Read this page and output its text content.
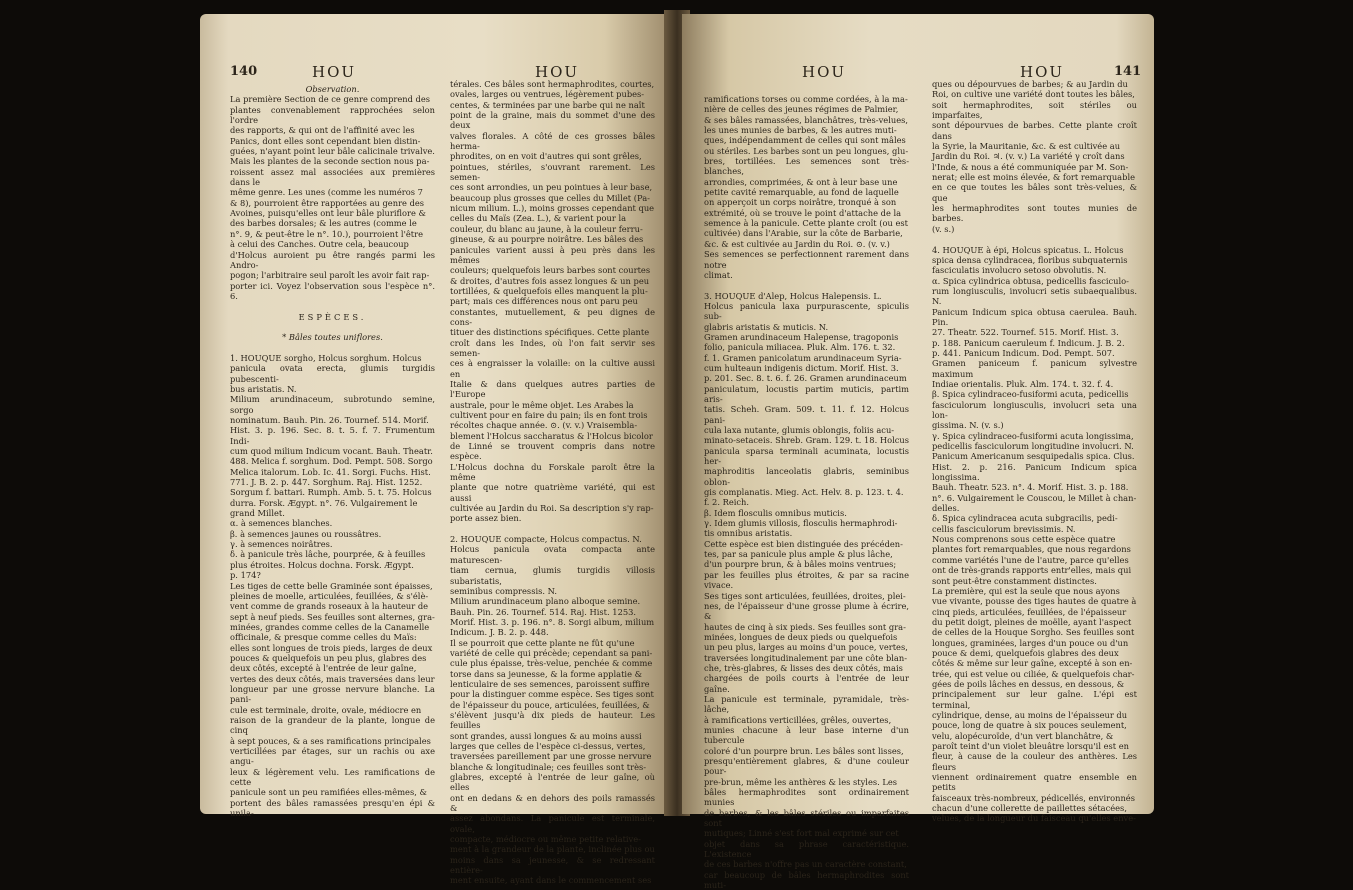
140	HOU	HOU
Observation.
La première Section de ce genre comprend des
plantes convenablement rapprochées selon l'ordre
des rapports, & qui ont de l'affinité avec les
Panics, dont elles sont cependant bien distin-
guées, n'ayant point leur bâle calicinale trivalve.
Mais les plantes de la seconde section nous pa-
roissent assez mal associées aux premières dans le
même genre. Les unes (comme les numéros 7
& 8), pourroient être rapportées au genre des
Avoines, puisqu'elles ont leur bâle pluriflore &
des barbes dorsales; & les autres (comme le
n°. 9, & peut-être le n°. 10.), pourroient l'être
à celui des Canches. Outre cela, beaucoup
d'Holcus auroient pu être rangés parmi les Andro-
pogon; l'arbitraire seul paroît les avoir fait rap-
porter ici. Voyez l'observation sous l'espèce n°. 6.

ESPÈCES.

* Bâles toutes uniflores.

1. HOUQUE sorgho, Holcus sorghum. Holcus
panicula ovata erecta, glumis turgidis pubescenti-
bus aristatis. N.
Milium arundinaceum, subrotundo semine, sorgo
nominatum. Bauh. Pin. 26. Tournef. 514. Morif.
Hist. 3. p. 196. Sec. 8. t. 5. f. 7. Frumentum Indi-
cum quod milium Indicum vocant. Bauh. Theatr.
488. Melica f. sorghum. Dod. Pempt. 508. Sorgo
Melica italorum. Lob. Ic. 41. Sorgi. Fuchs. Hist.
771. J. B. 2. p. 447. Sorghum. Raj. Hist. 1252.
Sorgum f. battari. Rumph. Amb. 5. t. 75. Holcus
durra. Forsk. Ægypt. n°. 76. Vulgairement le
grand Millet.
α. à semences blanches.
β. à semences jaunes ou roussâtres.
γ. à semences noirâtres.
δ. à panicule très lâche, pourprée, & à feuilles
plus étroites. Holcus dochna. Forsk. Ægypt.
p. 174?
Les tiges de cette belle Graminée sont épaisses,
pleines de moelle, articulées, feuillées, & s'élè-
vent comme de grands roseaux à la hauteur de
sept à neuf pieds. Ses feuilles sont alternes, gra-
minées, grandes comme celles de la Canamelle
officinale, & presque comme celles du Maïs:
elles sont longues de trois pieds, larges de deux
pouces & quelquefois un peu plus, glabres des
deux côtés, excepté à l'entrée de leur gaîne,
vertes des deux côtés, mais traversées dans leur
longueur par une grosse nervure blanche. La pani-
cule est terminale, droite, ovale, médiocre en
raison de la grandeur de la plante, longue de cinq
à sept pouces, & a ses ramifications principales
verticillées par étages, sur un rachis ou axe angu-
leux & légèrement velu. Les ramifications de cette
panicule sont un peu ramifiées elles-mêmes, &
portent des bâles ramassées presqu'en épi & unila-
térales. Ces bâles sont hermaphrodites, courtes,
ovales, larges ou ventrues, légèrement pubes-
centes, & terminées par une barbe qui ne naît
point de la graine, mais du sommet d'une des deux
valves florales. A côté de ces grosses bâles herma-
phrodites, on en voit d'autres qui sont grêles,
pointues, stériles, s'ouvrant rarement. Les semen-
ces sont arrondies, un peu pointues à leur base,
beaucoup plus grosses que celles du Millet (Pa-
nicum milium. L.), moins grosses cependant que
celles du Maïs (Zea. L.), & varient pour la
couleur, du blanc au jaune, à la couleur ferru-
gineuse, & au pourpre noirâtre. Les bâles des
panicules varient aussi à peu près dans les mêmes
couleurs; quelquefois leurs barbes sont courtes
& droites, d'autres fois assez longues & un peu
tortillées, & quelquefois elles manquent la plu-
part; mais ces différences nous ont paru peu
constantes, mutuellement, & peu dignes de cons-
tituer des distinctions spécifiques. Cette plante
croît dans les Indes, où l'on fait servir ses semen-
ces à engraisser la volaille: on la cultive aussi en
Italie & dans quelques autres parties de l'Europe
australe, pour le même objet. Les Arabes la
cultivent pour en faire du pain; ils en font trois
récoltes chaque année. ⊙. (v. v.) Vraisembla-
blement l'Holcus saccharatus & l'Holcus bicolor
de Linné se trouvent compris dans notre espèce.
L'Holcus dochna du Forskale paroît être la même
plante que notre quatrième variété, qui est aussi
cultivée au Jardin du Roi. Sa description s'y rap-
porte assez bien.

2. HOUQUE compacte, Holcus compactus. N.
Holcus panicula ovata compacta ante maturescen-
tiam cernua, glumis turgidis villosis subaristatis,
seminibus compressis. N.
Milium arundinaceum plano alboque semine.
Bauh. Pin. 26. Tournef. 514. Raj. Hist. 1253.
Morif. Hist. 3. p. 196. n°. 8. Sorgi album, milium
Indicum. J. B. 2. p. 448.
Il se pourroit que cette plante ne fût qu'une
variété de celle qui précède; cependant sa pani-
cule plus épaisse, très-velue, penchée & comme
torse dans sa jeunesse, & la forme applatie &
lenticulaire de ses semences, paroissent suffire
pour la distinguer comme espèce. Ses tiges sont
de l'épaisseur du pouce, articulées, feuillées, &
s'élèvent jusqu'à dix pieds de hauteur. Les feuilles
sont grandes, aussi longues & au moins aussi
larges que celles de l'espèce ci-dessus, vertes,
traversées pareillement par une grosse nervure
blanche & longitudinale; ces feuilles sont très-
glabres, excepté à l'entrée de leur gaîne, où elles
ont en dedans & en dehors des poils ramassés &
assez abondans. La panicule est terminale, ovale,
compacte, médiocre ou même petite relative-
ment à la grandeur de la plante, inclinée plus ou
moins dans sa jeunesse, & se redressant entière-
ment ensuite, ayant dans le commencement ses
HOU	HOU	141
ramifications torses ou comme cordées, à la ma-
nière de celles des jeunes régimes de Palmier,
& ses bâles ramassées, blanchâtres, très-velues,
les unes munies de barbes, & les autres muti-
ques, indépendamment de celles qui sont mâles
ou stériles. Les barbes sont un peu longues, glu-
bres, tortillées. Les semences sont très-blanches,
arrondies, comprimées, & ont à leur base une
petite cavité remarquable, au fond de laquelle
on apperçoit un corps noirâtre, tronqué à son
extrémité, où se trouve le point d'attache de la
semence à la panicule. Cette plante croît (ou est
cultivée) dans l'Arabie, sur la côte de Barbarie,
&c. & est cultivée au Jardin du Roi. ⊙. (v. v.)
Ses semences se perfectionnent rarement dans notre
climat.

3. HOUQUE d'Alep, Holcus Halepensis. L.
Holcus panicula laxa purpurascente, spiculis sub-
glabris aristatis & muticis. N.
Gramen arundinaceum Halepense, tragoponis
folio, panicula miliacea. Pluk. Alm. 176. t. 32.
f. 1. Gramen panicolatum arundinaceum Syria-
cum hulteaun indigenis dictum. Morif. Hist. 3.
p. 201. Sec. 8. t. 6. f. 26. Gramen arundinaceum
paniculatum, locustis partim muticis, partim aris-
tatis. Scheh. Gram. 509. t. 11. f. 12. Holcus pani-
cula laxa nutante, glumis oblongis, foliis acu-
minato-setaceis. Shreb. Gram. 129. t. 18. Holcus
panicula sparsa terminali acuminata, locustis her-
maphroditis lanceolatis glabris, seminibus oblon-
gis complanatis. Mieg. Act. Helv. 8. p. 123. t. 4.
f. 2. Reich.
β. Idem flosculis omnibus muticis.
γ. Idem glumis villosis, flosculis hermaphrodi-
tis omnibus aristatis.
Cette espèce est bien distinguée des précéden-
tes, par sa panicule plus ample & plus lâche,
d'un pourpre brun, & à bâles moins ventrues;
par les feuilles plus étroites, & par sa racine vivace.
Ses tiges sont articulées, feuillées, droites, plei-
nes, de l'épaisseur d'une grosse plume à écrire, &
hautes de cinq à six pieds. Ses feuilles sont gra-
minées, longues de deux pieds ou quelquefois
un peu plus, larges au moins d'un pouce, vertes,
traversées longitudinalement par une côte blan-
che, très-glabres, & lisses des deux côtés, mais
chargées de poils courts à l'entrée de leur gaîne.
La panicule est terminale, pyramidale, très-lâche,
à ramifications verticillées, grêles, ouvertes,
munies chacune à leur base interne d'un tubercule
coloré d'un pourpre brun. Les bâles sont lisses,
presqu'entièrement glabres, & d'une couleur pour-
pre-brun, même les anthères & les styles. Les
bâles hermaphrodites sont ordinairement munies
de barbes, & les bâles stériles ou imparfaites sont
mutiques; Linné s'est fort mal exprimé sur cet
objet dans sa phrase caractéristique. L'existence
de ces barbes n'offre pas un caractère constant,
car beaucoup de bâles hermaphrodites sont muti-
ques ou dépourvues de barbes; & au Jardin du
Roi, on cultive une variété dont toutes les bâles,
soit hermaphrodites, soit stériles ou imparfaites,
sont dépourvues de barbes. Cette plante croît dans
la Syrie, la Mauritanie, &c. & est cultivée au
Jardin du Roi. ♃. (v. v.) La variété γ croît dans
l'Inde, & nous a été communiquée par M. Son-
nerat; elle est moins élevée, & fort remarquable
en ce que toutes les bâles sont très-velues, & que
les hermaphrodites sont toutes munies de barbes.
(v. s.)

4. HOUQUE à épi, Holcus spicatus. L. Holcus
spica densa cylindracea, floribus subquaternis
fasciculatis involucro setoso obvolutis. N.
α. Spica cylindrica obtusa, pedicellis fasciculo-
rum longiusculis, involucri setis subaequalibus. N.
Panicum Indicum spica obtusa caerulea. Bauh. Pin.
27. Theatr. 522. Tournef. 515. Morif. Hist. 3.
p. 188. Panicum caeruleum f. Indicum. J. B. 2.
p. 441. Panicum Indicum. Dod. Pempt. 507.
Gramen paniceum f. panicum sylvestre maximum
Indiae orientalis. Pluk. Alm. 174. t. 32. f. 4.
β. Spica cylindraceo-fusiformi acuta, pedicellis
fasciculorum longiusculis, involucri seta una lon-
gissima. N. (v. s.)
γ. Spica cylindraceo-fusiformi acuta longissima,
pedicellis fasciculorum longitudine involucri. N.
Panicum Americanum sesquipedalis spica. Clus.
Hist. 2. p. 216. Panicum Indicum spica longissima.
Bauh. Theatr. 523. n°. 4. Morif. Hist. 3. p. 188.
n°. 6. Vulgairement le Couscou, le Millet à chan-
delles.
δ. Spica cylindracea acuta subgracilis, pedi-
cellis fasciculorum brevissimis. N.
Nous comprenons sous cette espèce quatre
plantes fort remarquables, que nous regardons
comme variétés l'une de l'autre, parce qu'elles
ont de très-grands rapports entr'elles, mais qui
sont peut-être constamment distinctes.
La première, qui est la seule que nous ayons
vue vivante, pousse des tiges hautes de quatre à
cinq pieds, articulées, feuillées, de l'épaisseur
du petit doigt, pleines de moëlle, ayant l'aspect
de celles de la Houque Sorgho. Ses feuilles sont
longues, graminées, larges d'un pouce ou d'un
pouce & demi, quelquefois glabres des deux
côtés & même sur leur gaîne, excepté à son en-
trée, qui est velue ou ciliée, & quelquefois char-
gées de poils lâches en dessus, en dessous, &
principalement sur leur gaîne. L'épi est terminal,
cylindrique, dense, au moins de l'épaisseur du
pouce, long de quatre à six pouces seulement,
velu, alopécuroïde, d'un vert blanchâtre, &
paroît teint d'un violet bleuâtre lorsqu'il est en
fleur, à cause de la couleur des anthères. Les fleurs
viennent ordinairement quatre ensemble en petits
faisceaux très-nombreux, pédicellés, environnés
chacun d'une collerette de paillettes sétacées,
velues, de la longueur du faisceau qu'elles enve-
